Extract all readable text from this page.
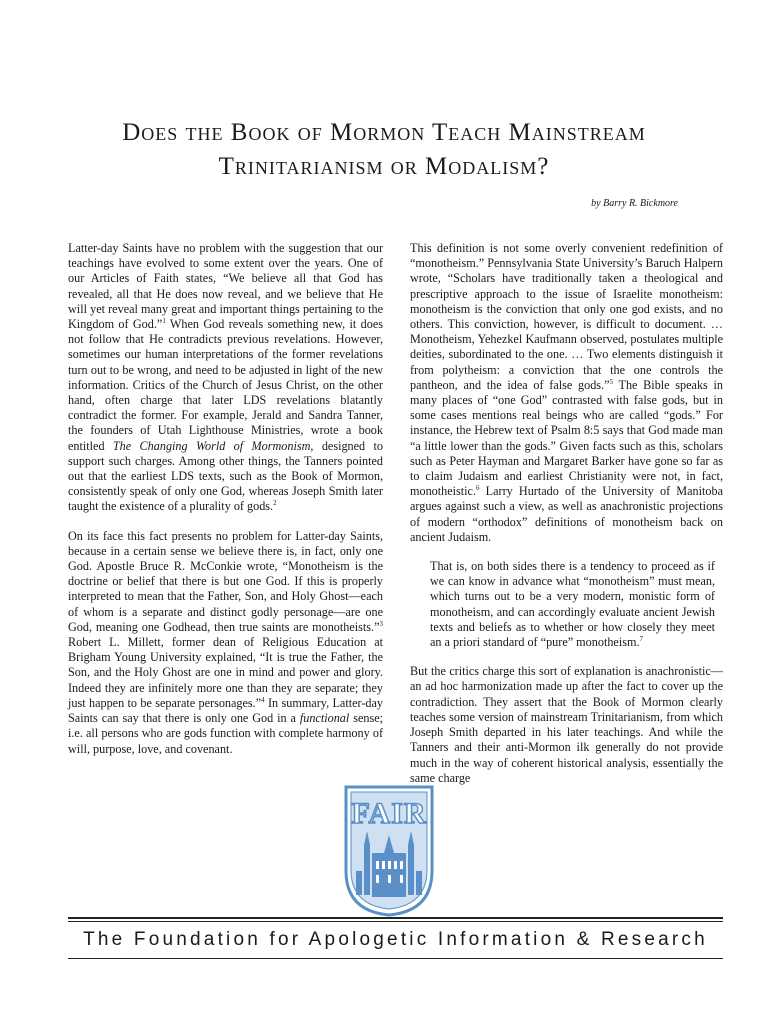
Does the Book of Mormon Teach Mainstream
Trinitarianism or Modalism?
by Barry R. Bickmore

Latter-day Saints have no problem with the suggestion that our teachings have evolved to some extent over the years. One of our Articles of Faith states, “We believe all that God has revealed, all that He does now reveal, and we believe that He will yet reveal many great and important things pertaining to the Kingdom of God.”$^1$ When God reveals something new, it does not follow that He contradicts previous revelations. However, sometimes our human interpretations of the former revelations turn out to be wrong, and need to be adjusted in light of the new information. Critics of the Church of Jesus Christ, on the other hand, often charge that later LDS revelations blatantly contradict the former. For example, Jerald and Sandra Tanner, the founders of Utah Lighthouse Ministries, wrote a book entitled The Changing World of Mormonism, designed to support such charges. Among other things, the Tanners pointed out that the earliest LDS texts, such as the Book of Mormon, consistently speak of only one God, whereas Joseph Smith later taught the existence of a plurality of gods.$^2$

On its face this fact presents no problem for Latter-day Saints, because in a certain sense we believe there is, in fact, only one God. Apostle Bruce R. McConkie wrote, “Monotheism is the doctrine or belief that there is but one God. If this is properly interpreted to mean that the Father, Son, and Holy Ghost—each of whom is a separate and distinct godly personage—are one God, meaning one Godhead, then true saints are monotheists.”$^3$ Robert L. Millett, former dean of Religious Education at Brigham Young University explained, “It is true the Father, the Son, and the Holy Ghost are one in mind and power and glory. Indeed they are infinitely more one than they are separate; they just happen to be separate personages.”$^4$ In summary, Latter-day Saints can say that there is only one God in a functional sense; i.e. all persons who are gods function with complete harmony of will, purpose, love, and covenant.

This definition is not some overly convenient redefinition of “monotheism.” Pennsylvania State University’s Baruch Halpern wrote, “Scholars have traditionally taken a theological and prescriptive approach to the issue of Israelite monotheism: monotheism is the conviction that only one god exists, and no others. This conviction, however, is difficult to document. … Monotheism, Yehezkel Kaufmann observed, postulates multiple deities, subordinated to the one. … Two elements distinguish it from polytheism: a conviction that the one controls the pantheon, and the idea of false gods.”$^5$ The Bible speaks in many places of “one God” contrasted with false gods, but in some cases mentions real beings who are called “gods.” For instance, the Hebrew text of Psalm 8:5 says that God made man “a little lower than the gods.” Given facts such as this, scholars such as Peter Hayman and Margaret Barker have gone so far as to claim Judaism and earliest Christianity were not, in fact, monotheistic.$^6$ Larry Hurtado of the University of Manitoba argues against such a view, as well as anachronistic projections of modern “orthodox” definitions of monotheism back on ancient Judaism.

That is, on both sides there is a tendency to proceed as if we can know in advance what “monotheism” must mean, which turns out to be a very modern, monistic form of monotheism, and can accordingly evaluate ancient Jewish texts and beliefs as to whether or how closely they meet an a priori standard of “pure” monotheism.$^7$

But the critics charge this sort of explanation is anachronistic—an ad hoc harmonization made up after the fact to cover up the contradiction. They assert that the Book of Mormon clearly teaches some version of mainstream Trinitarianism, from which Joseph Smith departed in his later teachings. And while the Tanners and their anti-Mormon ilk generally do not provide much in the way of coherent historical analysis, essentially the same charge

FAIR
The Foundation for Apologetic Information & Research
